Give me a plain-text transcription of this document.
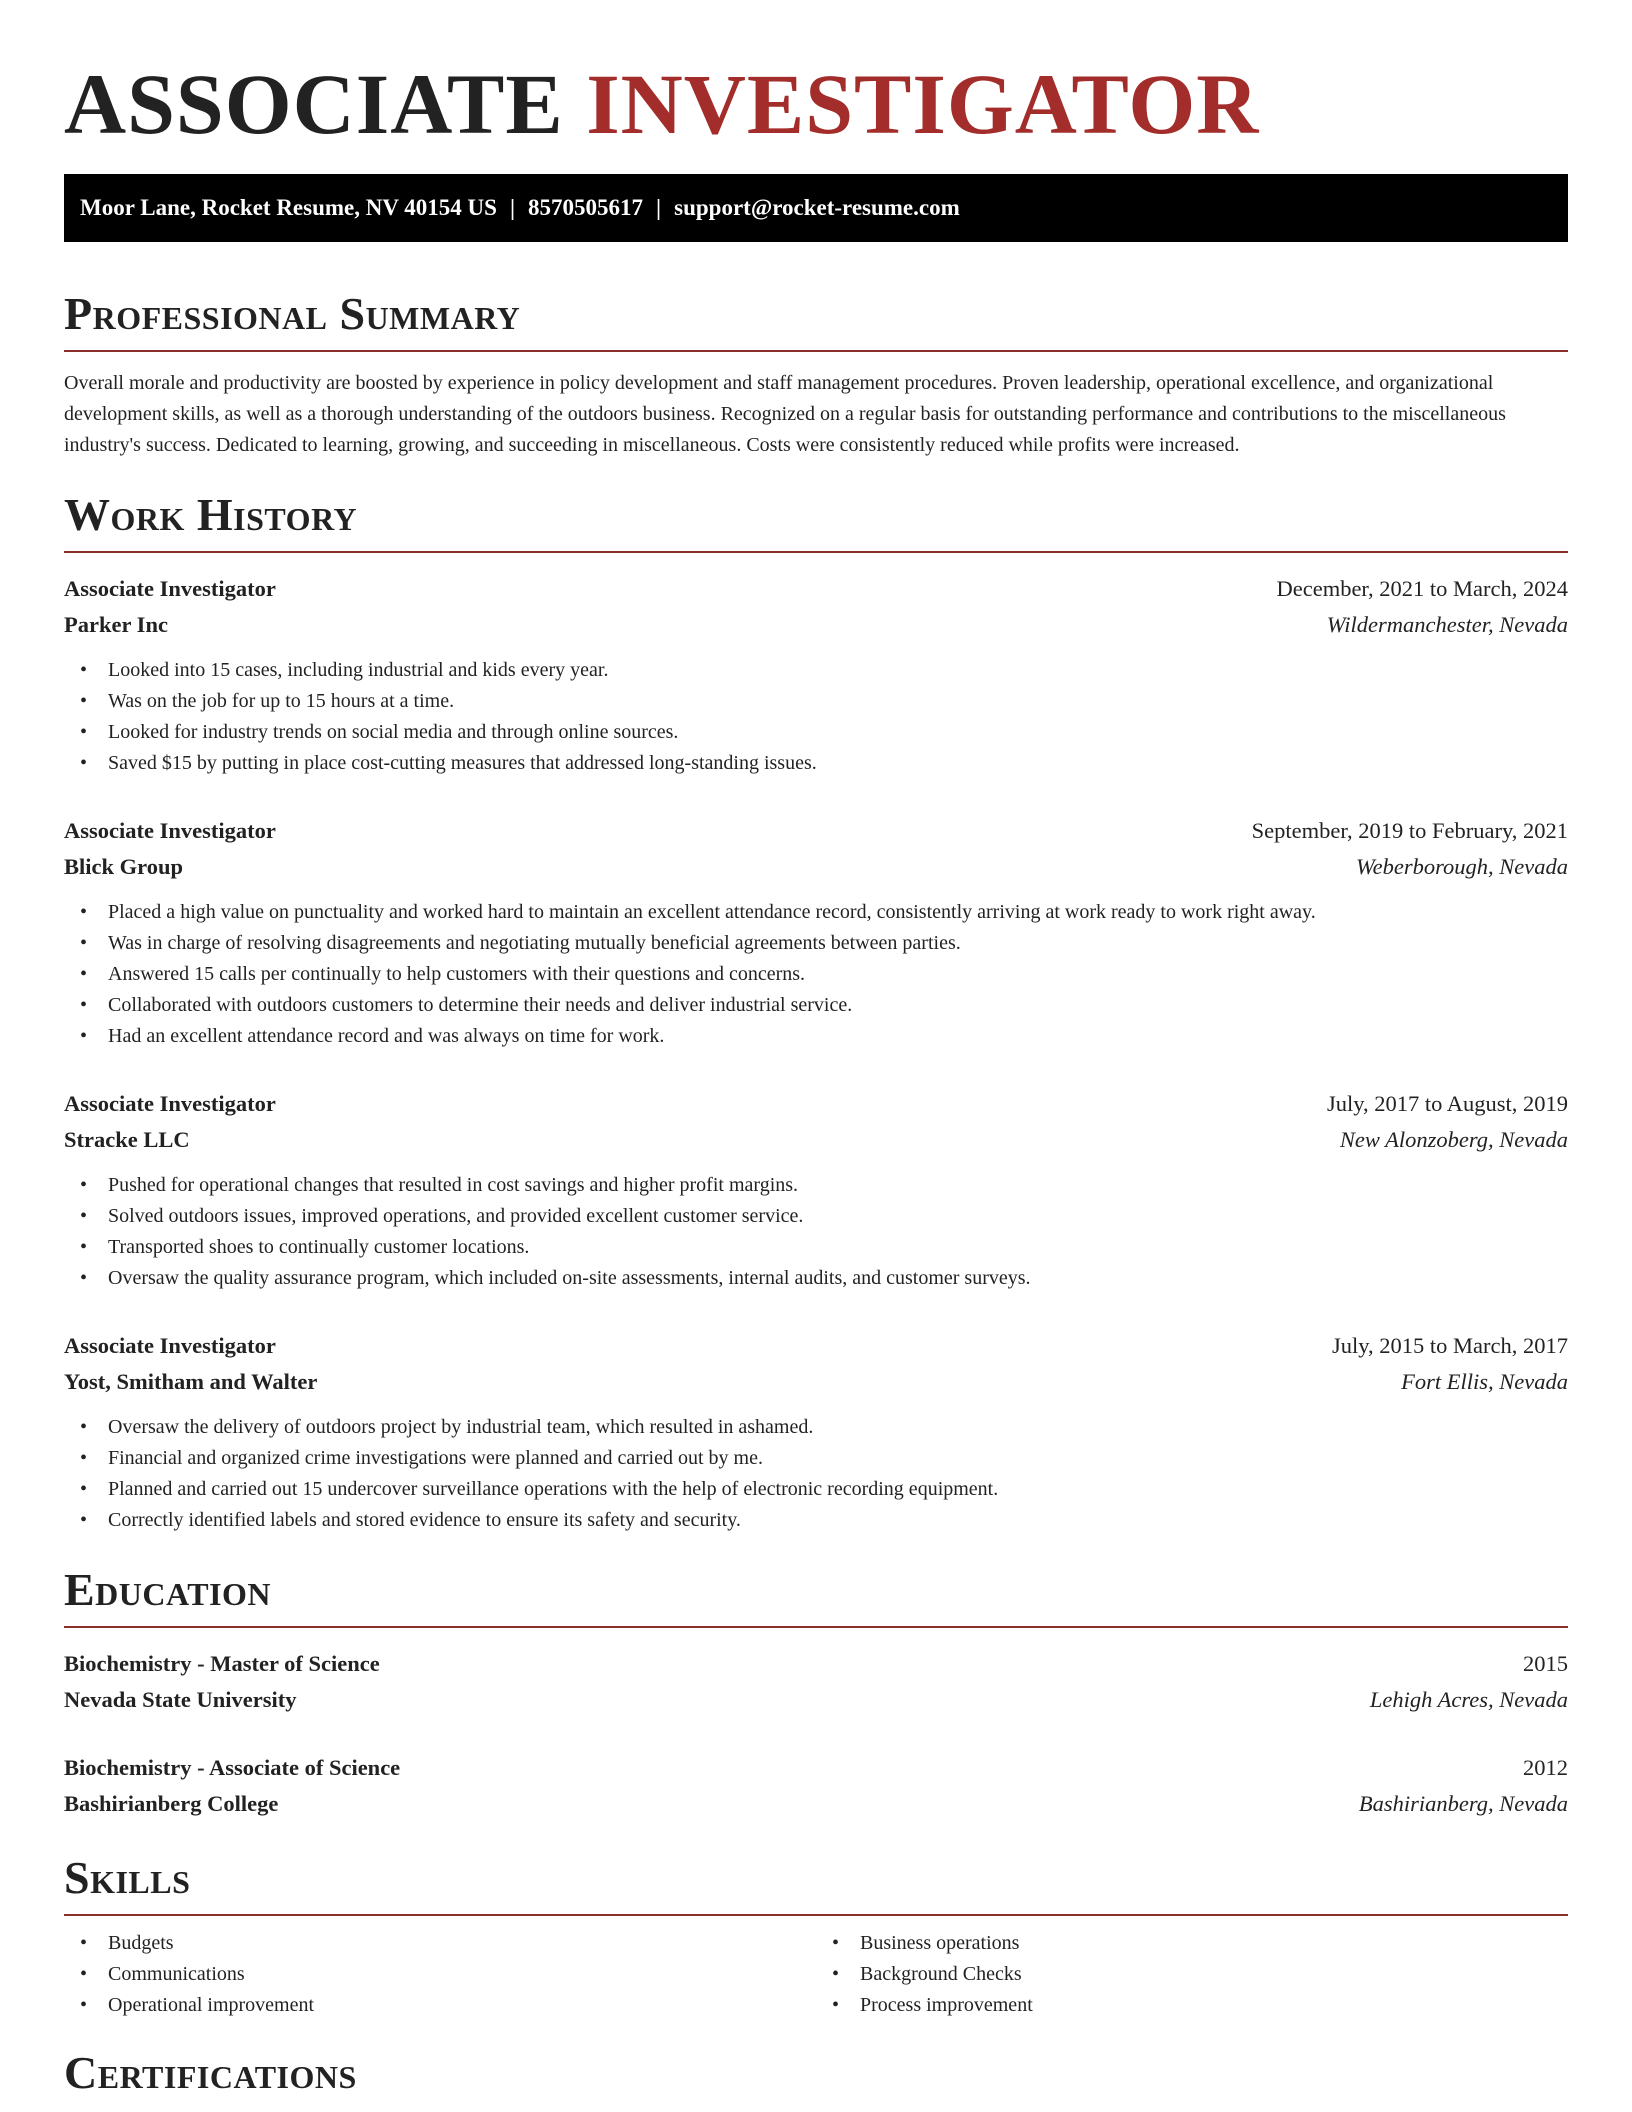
ASSOCIATE INVESTIGATOR
Moor Lane, Rocket Resume, NV 40154 US | 8570505617 | support@rocket-resume.com
Professional Summary

Overall morale and productivity are boosted by experience in policy development and staff management procedures. Proven leadership, operational excellence, and organizational development skills, as well as a thorough understanding of the outdoors business. Recognized on a regular basis for outstanding performance and contributions to the miscellaneous industry's success. Dedicated to learning, growing, and succeeding in miscellaneous. Costs were consistently reduced while profits were increased.

Work History
Associate Investigator	December, 2021 to March, 2024
Parker Inc	Wildermanchester, Nevada
• Looked into 15 cases, including industrial and kids every year.
• Was on the job for up to 15 hours at a time.
• Looked for industry trends on social media and through online sources.
• Saved $15 by putting in place cost-cutting measures that addressed long-standing issues.
Associate Investigator	September, 2019 to February, 2021
Blick Group	Weberborough, Nevada
• Placed a high value on punctuality and worked hard to maintain an excellent attendance record, consistently arriving at work ready to work right away.
• Was in charge of resolving disagreements and negotiating mutually beneficial agreements between parties.
• Answered 15 calls per continually to help customers with their questions and concerns.
• Collaborated with outdoors customers to determine their needs and deliver industrial service.
• Had an excellent attendance record and was always on time for work.
Associate Investigator	July, 2017 to August, 2019
Stracke LLC	New Alonzoberg, Nevada
• Pushed for operational changes that resulted in cost savings and higher profit margins.
• Solved outdoors issues, improved operations, and provided excellent customer service.
• Transported shoes to continually customer locations.
• Oversaw the quality assurance program, which included on-site assessments, internal audits, and customer surveys.
Associate Investigator	July, 2015 to March, 2017
Yost, Smitham and Walter	Fort Ellis, Nevada
• Oversaw the delivery of outdoors project by industrial team, which resulted in ashamed.
• Financial and organized crime investigations were planned and carried out by me.
• Planned and carried out 15 undercover surveillance operations with the help of electronic recording equipment.
• Correctly identified labels and stored evidence to ensure its safety and security.
Education
Biochemistry - Master of Science	2015
Nevada State University	Lehigh Acres, Nevada
Biochemistry - Associate of Science	2012
Bashirianberg College	Bashirianberg, Nevada
Skills
• Budgets
• Communications
• Operational improvement
• Business operations
• Background Checks
• Process improvement
Certifications
